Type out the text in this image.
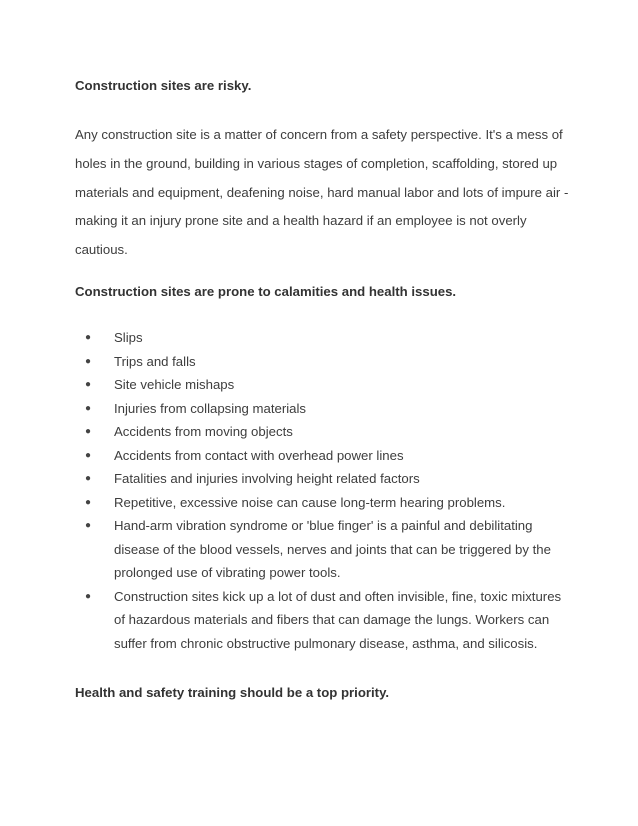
Construction sites are risky.

Any construction site is a matter of concern from a safety perspective. It's a mess of
holes in the ground, building in various stages of completion, scaffolding, stored up
materials and equipment, deafening noise, hard manual labor and lots of impure air -
making it an injury prone site and a health hazard if an employee is not overly
cautious.

Construction sites are prone to calamities and health issues.
● Slips
● Trips and falls
● Site vehicle mishaps
● Injuries from collapsing materials
● Accidents from moving objects
● Accidents from contact with overhead power lines
● Fatalities and injuries involving height related factors
● Repetitive, excessive noise can cause long-term hearing problems.
● Hand-arm vibration syndrome or 'blue finger' is a painful and debilitating
disease of the blood vessels, nerves and joints that can be triggered by the
prolonged use of vibrating power tools.
● Construction sites kick up a lot of dust and often invisible, fine, toxic mixtures
of hazardous materials and fibers that can damage the lungs. Workers can
suffer from chronic obstructive pulmonary disease, asthma, and silicosis.
Health and safety training should be a top priority.
